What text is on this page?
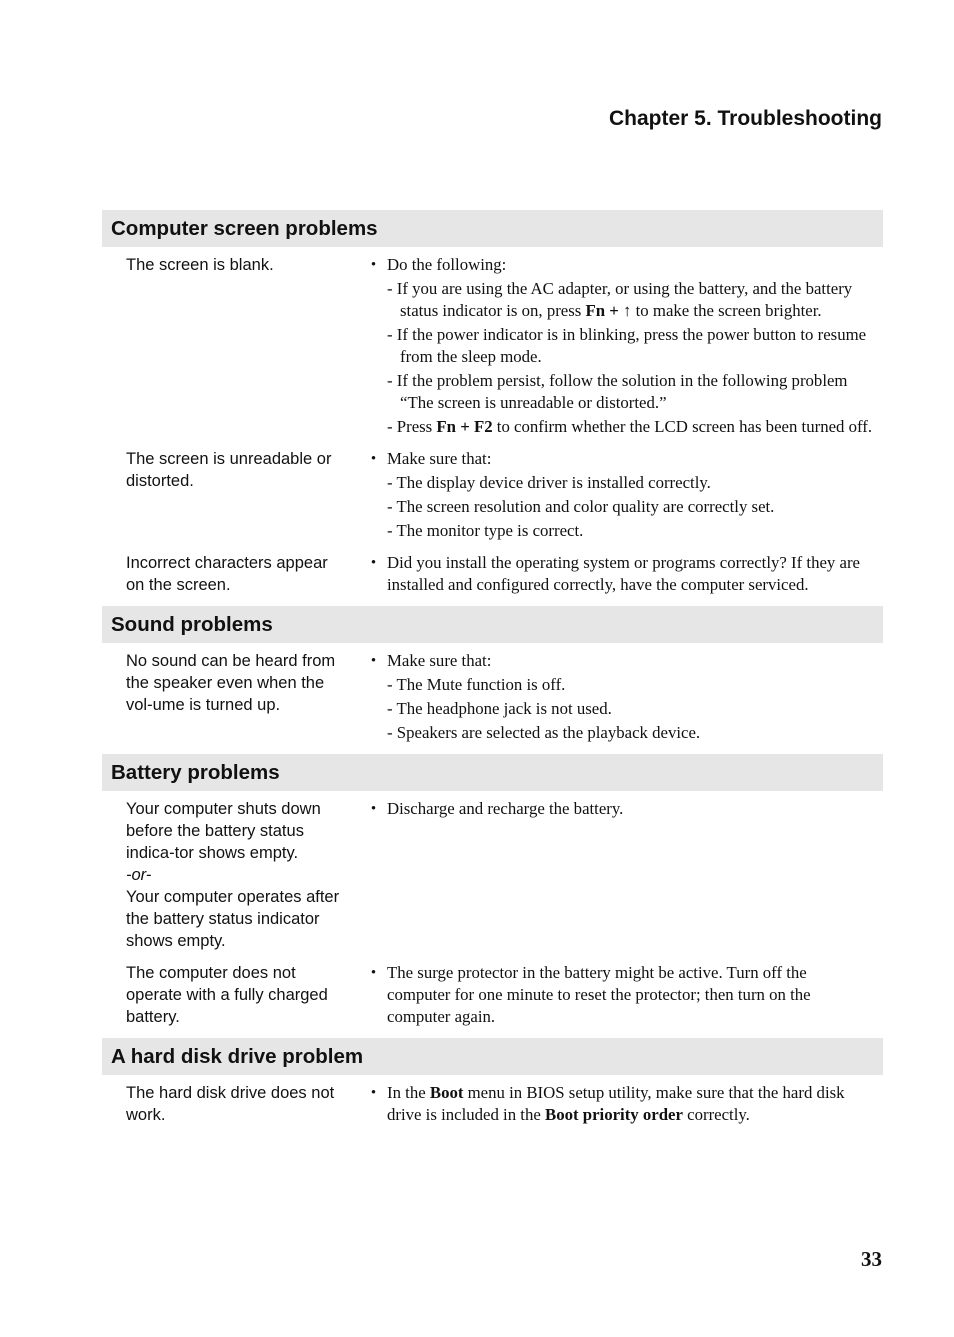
Chapter 5. Troubleshooting
Computer screen problems
The screen is blank.	• Do the following:
- If you are using the AC adapter, or using the battery, and the battery status indicator is on, press Fn + ↑ to make the screen brighter.
- If the power indicator is in blinking, press the power button to resume from the sleep mode.
- If the problem persist, follow the solution in the following problem “The screen is unreadable or distorted.”
- Press Fn + F2 to confirm whether the LCD screen has been turned off.
The screen is unreadable or distorted.
• Make sure that:
- The display device driver is installed correctly.
- The screen resolution and color quality are correctly set.
- The monitor type is correct.
Incorrect characters appear on the screen.
• Did you install the operating system or programs correctly? If they are installed and configured correctly, have the computer serviced.
Sound problems
No sound can be heard from the speaker even when the vol-ume is turned up.
• Make sure that:
- The Mute function is off.
- The headphone jack is not used.
- Speakers are selected as the playback device.
Battery problems
Your computer shuts down before the battery status indica-tor shows empty.
-or-
Your computer operates after the battery status indicator shows empty.
• Discharge and recharge the battery.
The computer does not operate with a fully charged battery.
• The surge protector in the battery might be active. Turn off the computer for one minute to reset the protector; then turn on the computer again.
A hard disk drive problem
The hard disk drive does not work.
• In the Boot menu in BIOS setup utility, make sure that the hard disk drive is included in the Boot priority order correctly.
33
